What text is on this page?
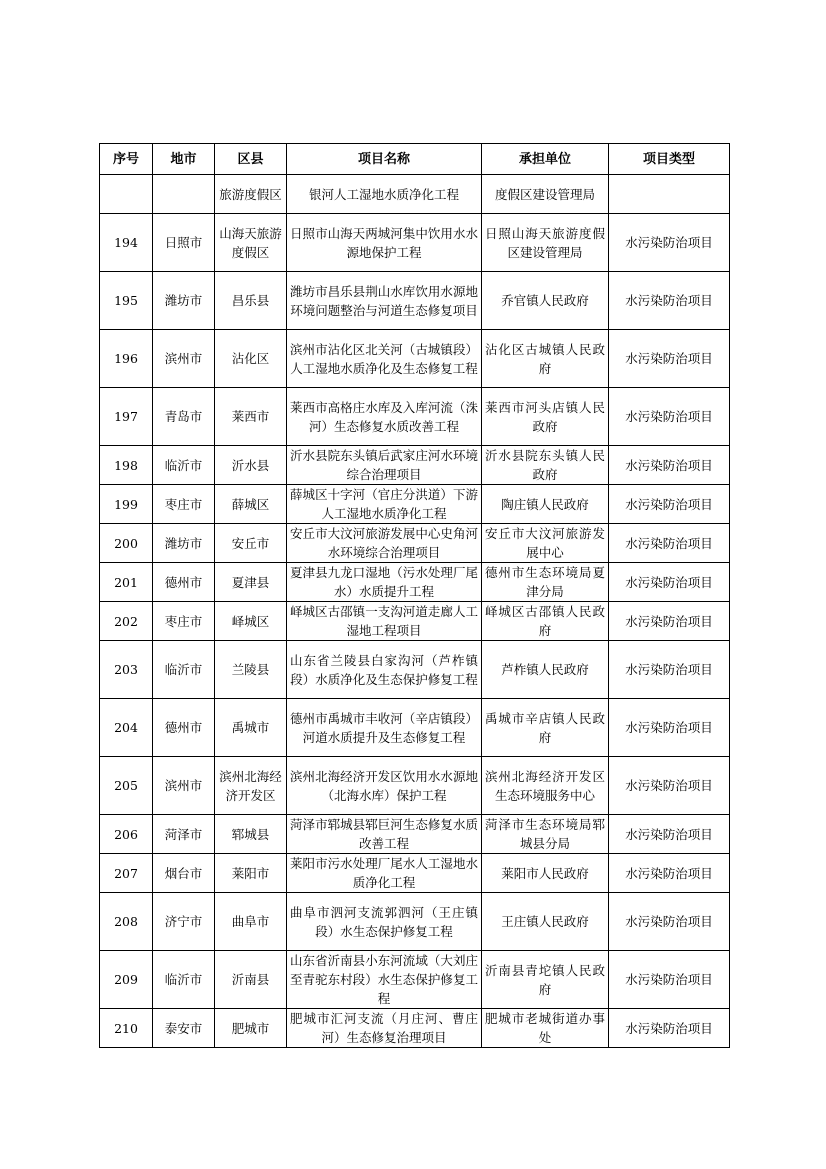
序号	地市	区县	项目名称	承担单位	项目类型
		旅游度假区	银河人工湿地水质净化工程	度假区建设管理局	
194	日照市	山海天旅游度假区	日照市山海天两城河集中饮用水水源地保护工程	日照山海天旅游度假区建设管理局	水污染防治项目
195	潍坊市	昌乐县	潍坊市昌乐县荆山水库饮用水源地环境问题整治与河道生态修复项目	乔官镇人民政府	水污染防治项目
196	滨州市	沾化区	滨州市沾化区北关河（古城镇段）人工湿地水质净化及生态修复工程	沾化区古城镇人民政府	水污染防治项目
197	青岛市	莱西市	莱西市高格庄水库及入库河流（洙河）生态修复水质改善工程	莱西市河头店镇人民政府	水污染防治项目
198	临沂市	沂水县	沂水县院东头镇后武家庄河水环境综合治理项目	沂水县院东头镇人民政府	水污染防治项目
199	枣庄市	薛城区	薛城区十字河（官庄分洪道）下游人工湿地水质净化工程	陶庄镇人民政府	水污染防治项目
200	潍坊市	安丘市	安丘市大汶河旅游发展中心史角河水环境综合治理项目	安丘市大汶河旅游发展中心	水污染防治项目
201	德州市	夏津县	夏津县九龙口湿地（污水处理厂尾水）水质提升工程	德州市生态环境局夏津分局	水污染防治项目
202	枣庄市	峄城区	峄城区古邵镇一支沟河道走廊人工湿地工程项目	峄城区古邵镇人民政府	水污染防治项目
203	临沂市	兰陵县	山东省兰陵县白家沟河（芦柞镇段）水质净化及生态保护修复工程	芦柞镇人民政府	水污染防治项目
204	德州市	禹城市	德州市禹城市丰收河（辛店镇段）河道水质提升及生态修复工程	禹城市辛店镇人民政府	水污染防治项目
205	滨州市	滨州北海经济开发区	滨州北海经济开发区饮用水水源地（北海水库）保护工程	滨州北海经济开发区生态环境服务中心	水污染防治项目
206	菏泽市	郓城县	菏泽市郓城县郓巨河生态修复水质改善工程	菏泽市生态环境局郓城县分局	水污染防治项目
207	烟台市	莱阳市	莱阳市污水处理厂尾水人工湿地水质净化工程	莱阳市人民政府	水污染防治项目
208	济宁市	曲阜市	曲阜市泗河支流郭泗河（王庄镇段）水生态保护修复工程	王庄镇人民政府	水污染防治项目
209	临沂市	沂南县	山东省沂南县小东河流域（大刘庄至青驼东村段）水生态保护修复工程	沂南县青坨镇人民政府	水污染防治项目
210	泰安市	肥城市	肥城市汇河支流（月庄河、曹庄河）生态修复治理项目	肥城市老城街道办事处	水污染防治项目
